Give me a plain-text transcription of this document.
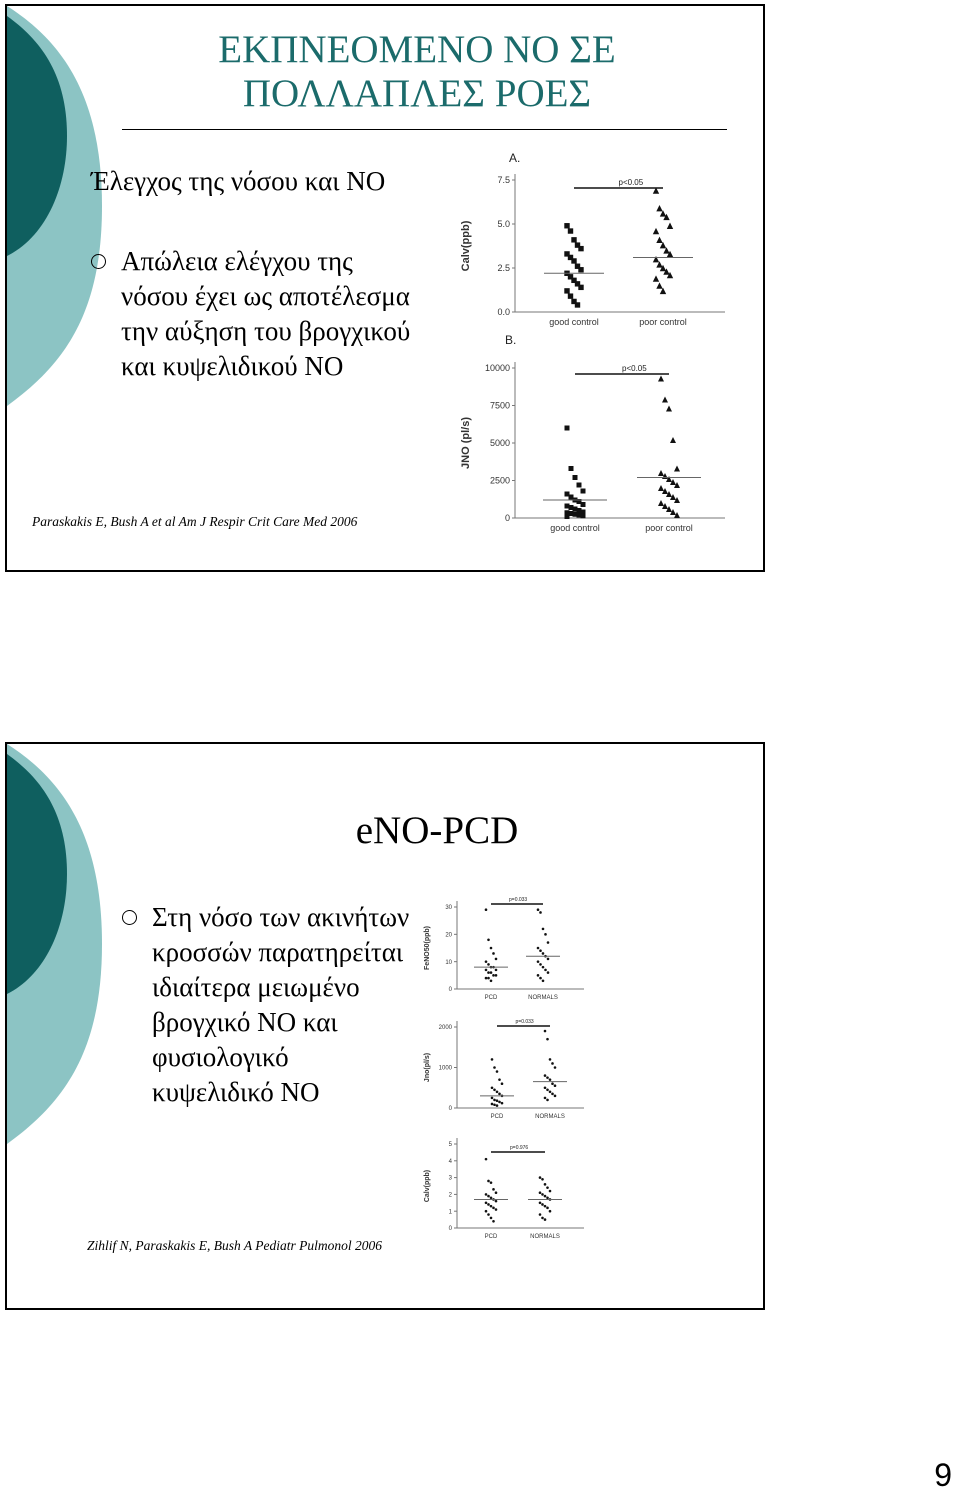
ΕΚΠΝΕΟΜΕΝΟ ΝΟ ΣΕ ΠΟΛΛΑΠΛΕΣ ΡΟΕΣ
Έλεγχος της νόσου και ΝΟ
Απώλεια ελέγχου της νόσου έχει ως αποτέλεσμα την αύξηση του βρογχικού και κυψελιδικού ΝΟ
0.0
2.5
5.0
7.5
Calv(ppb)
A.
good control	poor control
p<0.05
0
2500
5000
7500
10000
JNO (pl/s)
B.
good control	poor control
p<0.05
Paraskakis E, Bush A et al Am J Respir Crit Care Med 2006
eNO-PCD
Στη νόσο των ακινήτων κροσσών παρατηρείται ιδιαίτερα μειωμένο βρογχικό ΝΟ και φυσιολογικό κυψελιδικό ΝΟ
0
10
20
30
FeNO50(ppb)
PCD	NORMALS
p=0.033
0
1000
2000
Jno(pl/s)
PCD	NORMALS
p=0.033
0
1
2
3
4
5
Calv(ppb)
PCD	NORMALS
p=0.976
Zihlif N, Paraskakis E, Bush A Pediatr Pulmonol 2006
9
